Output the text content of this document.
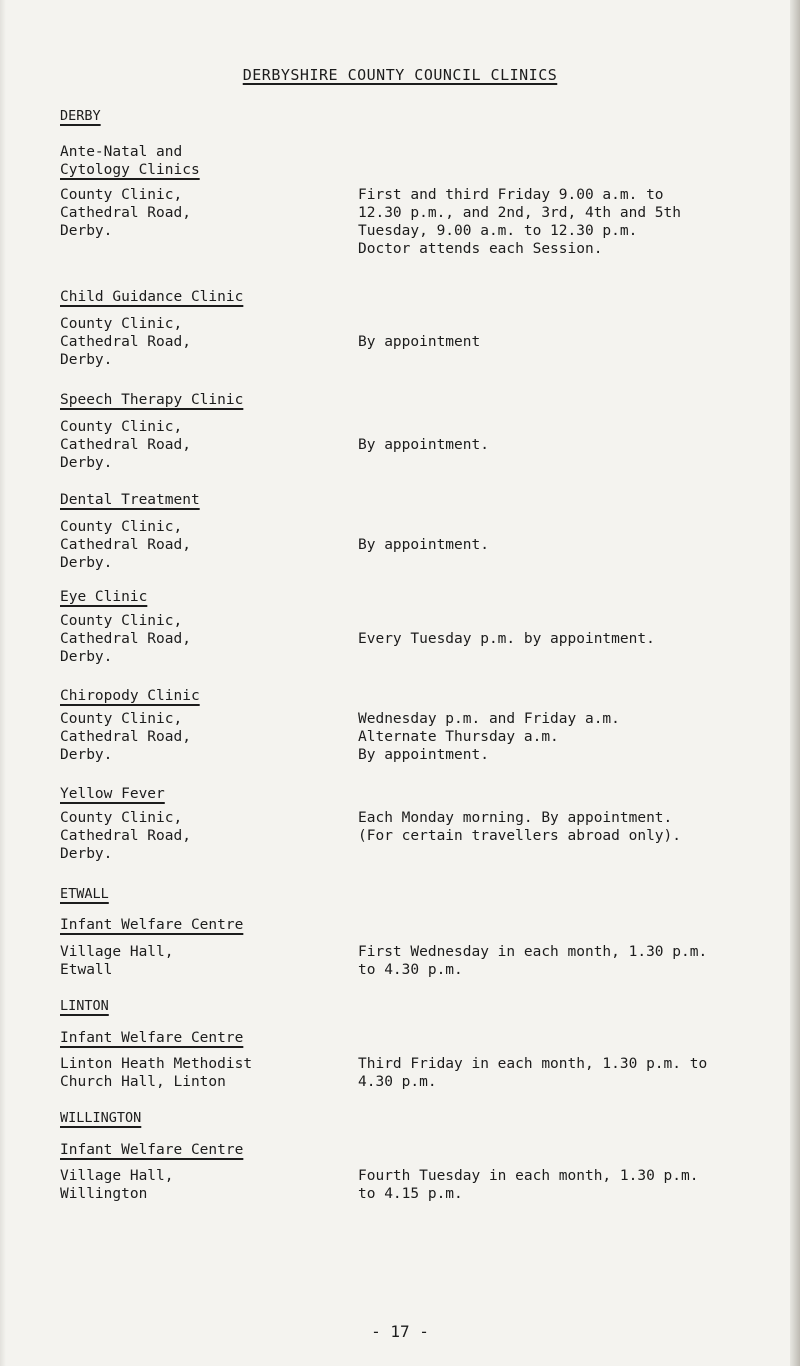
DERBYSHIRE COUNTY COUNCIL CLINICS
DERBY
Ante-Natal and
Cytology Clinics
County Clinic,
Cathedral Road,
Derby.
First and third Friday 9.00 a.m. to
12.30 p.m., and 2nd, 3rd, 4th and 5th
Tuesday, 9.00 a.m. to 12.30 p.m.
Doctor attends each Session.
Child Guidance Clinic
County Clinic,
Cathedral Road,
Derby.
By appointment
Speech Therapy Clinic
County Clinic,
Cathedral Road,
Derby.
By appointment.
Dental Treatment
County Clinic,
Cathedral Road,
Derby.
By appointment.
Eye Clinic
County Clinic,
Cathedral Road,
Derby.
Every Tuesday p.m. by appointment.
Chiropody Clinic
County Clinic,
Cathedral Road,
Derby.
Wednesday p.m. and Friday a.m.
Alternate Thursday a.m.
By appointment.
Yellow Fever
County Clinic,
Cathedral Road,
Derby.
Each Monday morning. By appointment.
(For certain travellers abroad only).
ETWALL
Infant Welfare Centre
Village Hall,
Etwall
First Wednesday in each month, 1.30 p.m.
to 4.30 p.m.
LINTON
Infant Welfare Centre
Linton Heath Methodist
Church Hall, Linton
Third Friday in each month, 1.30 p.m. to
4.30 p.m.
WILLINGTON
Infant Welfare Centre
Village Hall,
Willington
Fourth Tuesday in each month, 1.30 p.m.
to 4.15 p.m.
- 17 -
